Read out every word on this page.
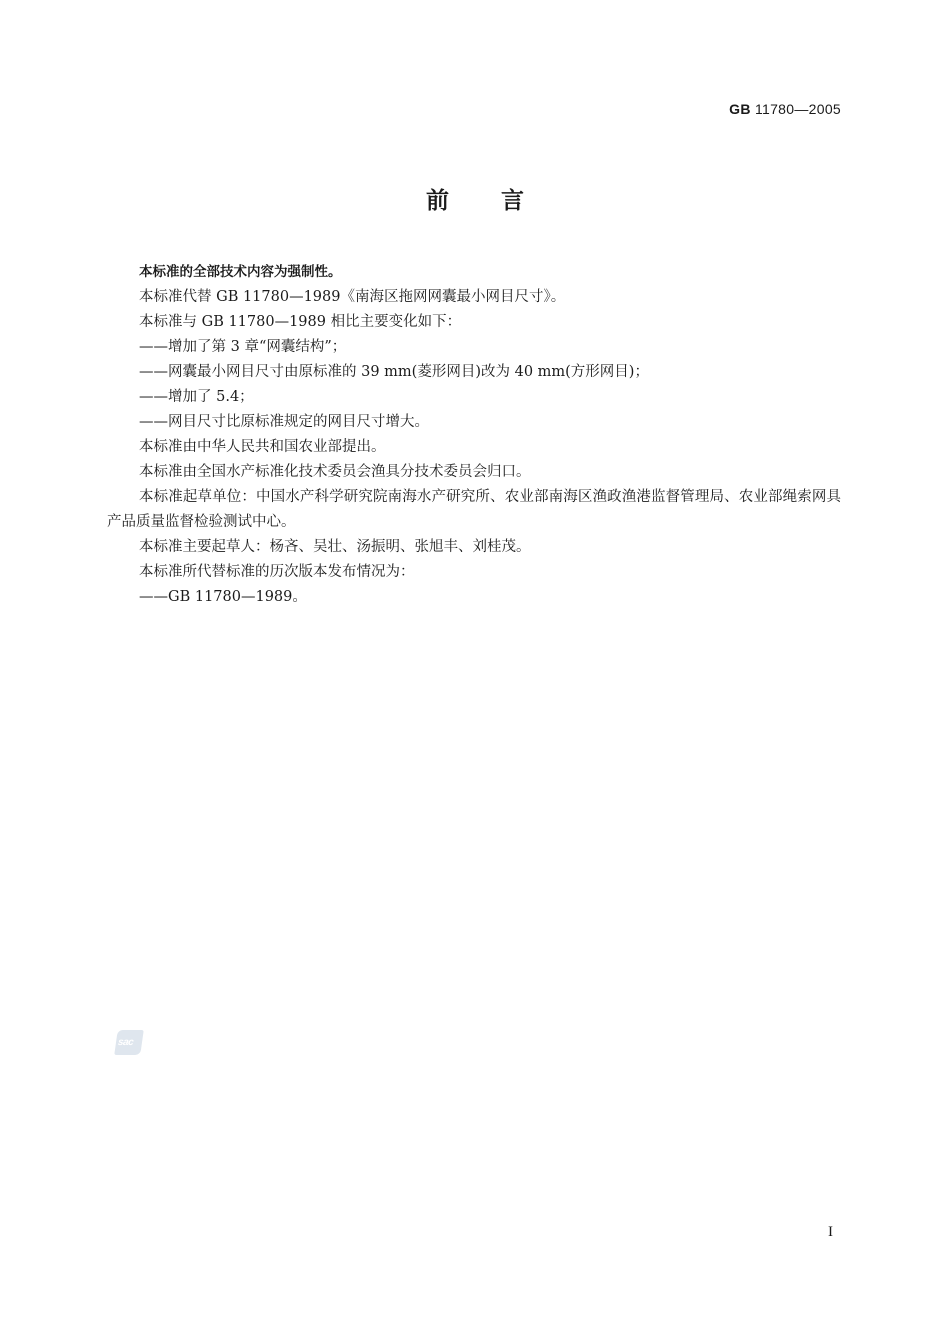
GB 11780—2005
前言

本标准的全部技术内容为强制性。

本标准代替 GB 11780—1989《南海区拖网网囊最小网目尺寸》。

本标准与 GB 11780—1989 相比主要变化如下：

——增加了第 3 章“网囊结构”；

——网囊最小网目尺寸由原标准的 39 mm(菱形网目)改为 40 mm(方形网目)；

——增加了 5.4；

——网目尺寸比原标准规定的网目尺寸增大。

本标准由中华人民共和国农业部提出。

本标准由全国水产标准化技术委员会渔具分技术委员会归口。

本标准起草单位：中国水产科学研究院南海水产研究所、农业部南海区渔政渔港监督管理局、农业部绳索网具产品质量监督检验测试中心。

本标准主要起草人：杨吝、吴壮、汤振明、张旭丰、刘桂茂。

本标准所代替标准的历次版本发布情况为：

——GB 11780—1989。

sac
I
